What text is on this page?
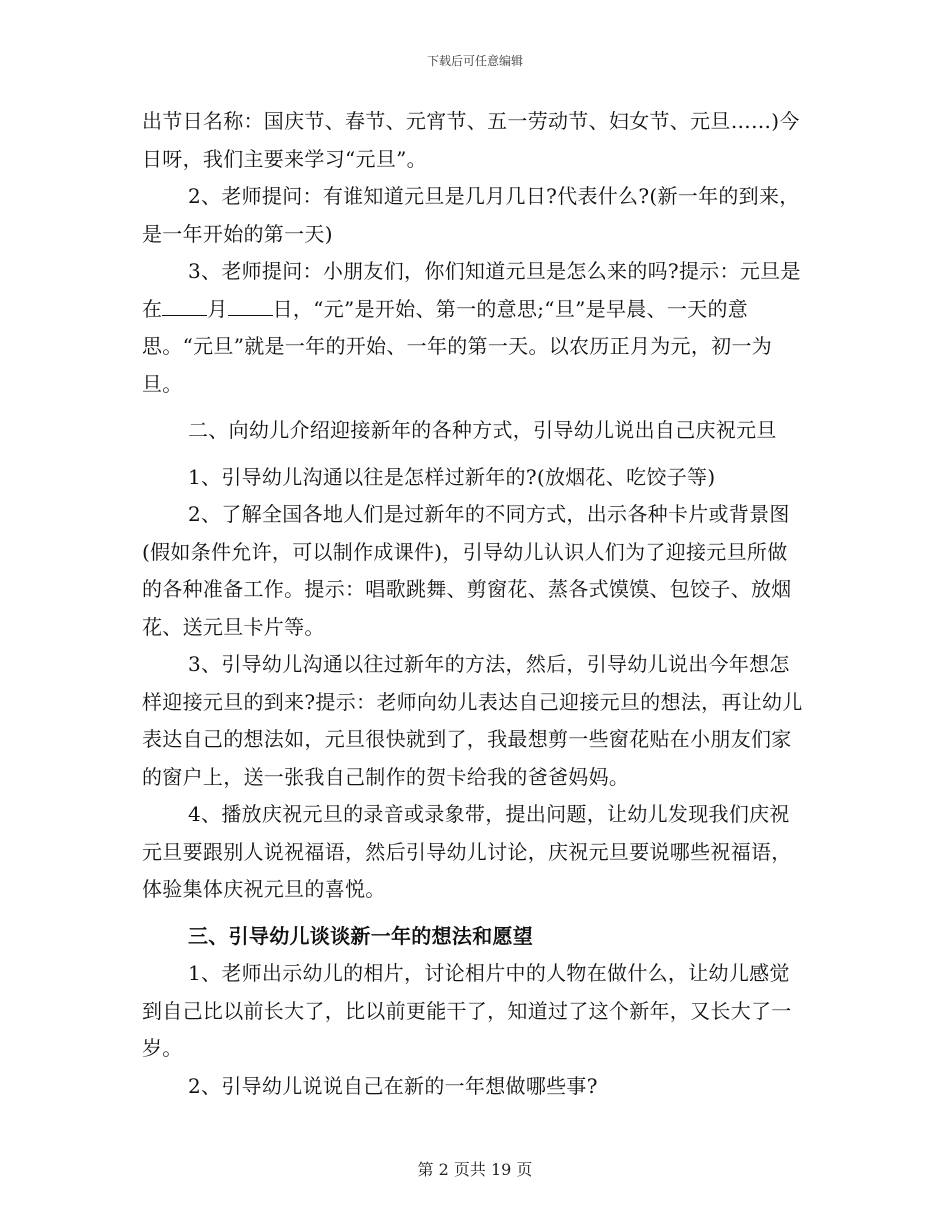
下载后可任意编辑

出节日名称：国庆节、春节、元宵节、五一劳动节、妇女节、元旦……)今日呀，我们主要来学习“元旦”。

2、老师提问：有谁知道元旦是几月几日?代表什么?(新一年的到来，是一年开始的第一天)

3、老师提问：小朋友们，你们知道元旦是怎么来的吗?提示：元旦是在 月 日，“元”是开始、第一的意思;“旦”是早晨、一天的意思。“元旦”就是一年的开始、一年的第一天。以农历正月为元，初一为旦。

二、向幼儿介绍迎接新年的各种方式，引导幼儿说出自己庆祝元旦

1、引导幼儿沟通以往是怎样过新年的?(放烟花、吃饺子等)

2、了解全国各地人们是过新年的不同方式，出示各种卡片或背景图(假如条件允许，可以制作成课件)，引导幼儿认识人们为了迎接元旦所做的各种准备工作。提示：唱歌跳舞、剪窗花、蒸各式馍馍、包饺子、放烟花、送元旦卡片等。

3、引导幼儿沟通以往过新年的方法，然后，引导幼儿说出今年想怎样迎接元旦的到来?提示：老师向幼儿表达自己迎接元旦的想法，再让幼儿表达自己的想法如，元旦很快就到了，我最想剪一些窗花贴在小朋友们家的窗户上，送一张我自己制作的贺卡给我的爸爸妈妈。

4、播放庆祝元旦的录音或录象带，提出问题，让幼儿发现我们庆祝元旦要跟别人说祝福语，然后引导幼儿讨论，庆祝元旦要说哪些祝福语，体验集体庆祝元旦的喜悦。

三、引导幼儿谈谈新一年的想法和愿望

1、老师出示幼儿的相片，讨论相片中的人物在做什么，让幼儿感觉到自己比以前长大了，比以前更能干了，知道过了这个新年，又长大了一岁。

2、引导幼儿说说自己在新的一年想做哪些事?

第 2 页共 19 页
